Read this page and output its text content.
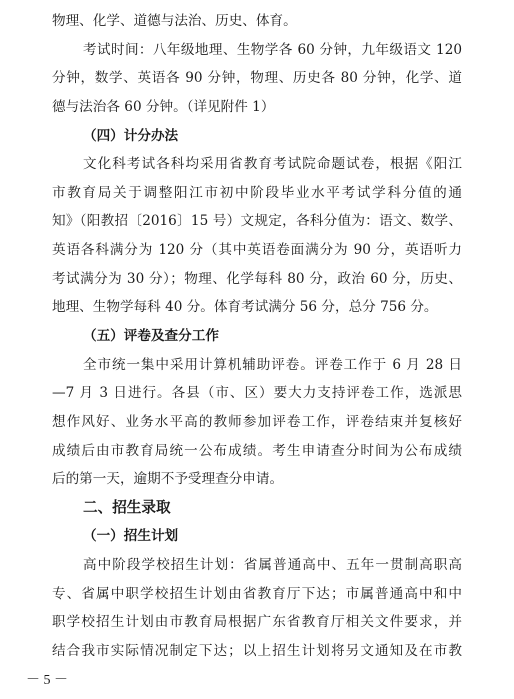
物理、化学、道德与法治、历史、体育。
考试时间：八年级地理、生物学各 60 分钟，九年级语文 120
分钟，数学、英语各 90 分钟，物理、历史各 80 分钟，化学、道
德与法治各 60 分钟。（详见附件 1）
（四）计分办法
文化科考试各科均采用省教育考试院命题试卷，根据《阳江
市教育局关于调整阳江市初中阶段毕业水平考试学科分值的通
知》（阳教招〔2016〕15 号）文规定，各科分值为：语文、数学、
英语各科满分为 120 分（其中英语卷面满分为 90 分，英语听力
考试满分为 30 分）；物理、化学每科 80 分，政治 60 分，历史、
地理、生物学每科 40 分。体育考试满分 56 分，总分 756 分。
（五）评卷及查分工作
全市统一集中采用计算机辅助评卷。评卷工作于 6 月 28 日
—7 月 3 日进行。各县（市、区）要大力支持评卷工作，选派思
想作风好、业务水平高的教师参加评卷工作，评卷结束并复核好
成绩后由市教育局统一公布成绩。考生申请查分时间为公布成绩
后的第一天，逾期不予受理查分申请。
二、招生录取
（一）招生计划
高中阶段学校招生计划：省属普通高中、五年一贯制高职高
专、省属中职学校招生计划由省教育厅下达；市属普通高中和中
职学校招生计划由市教育局根据广东省教育厅相关文件要求，并
结合我市实际情况制定下达；以上招生计划将另文通知及在市教
－ 5 －
